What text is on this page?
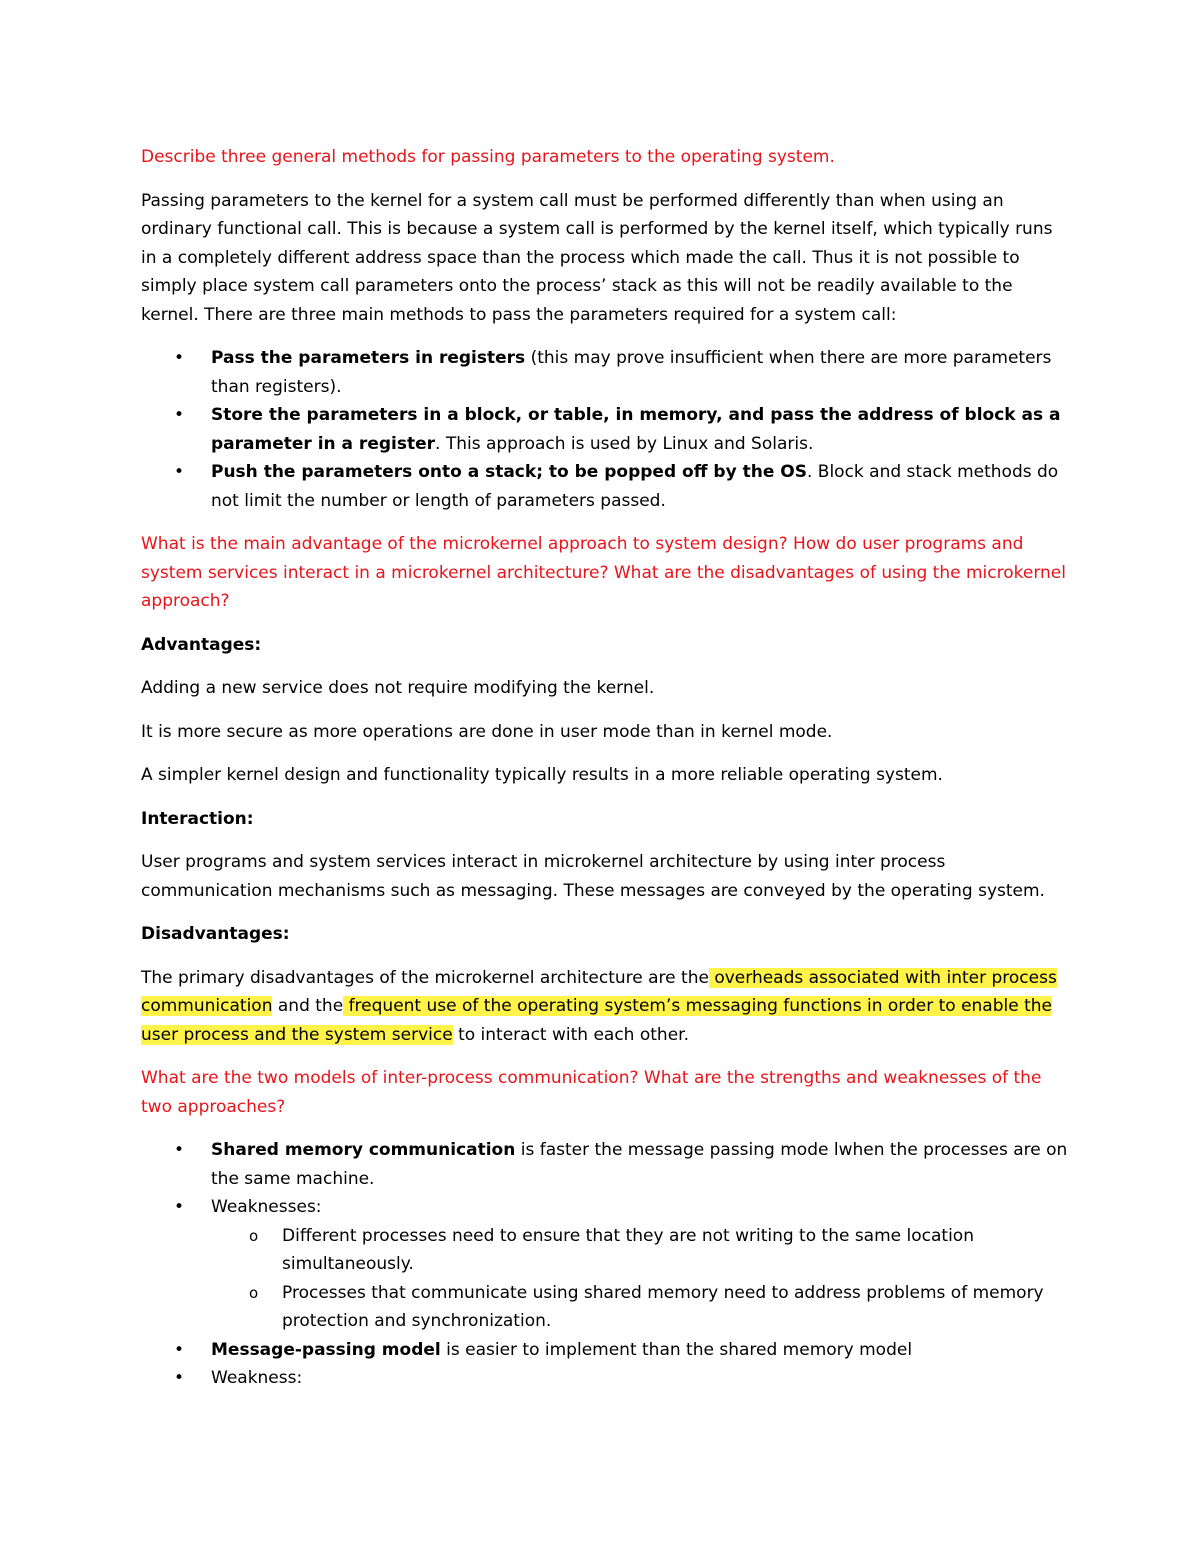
Describe three general methods for passing parameters to the operating system.

Passing parameters to the kernel for a system call must be performed differently than when using an ordinary functional call. This is because a system call is performed by the kernel itself, which typically runs in a completely different address space than the process which made the call. Thus it is not possible to simply place system call parameters onto the process’ stack as this will not be readily available to the kernel. There are three main methods to pass the parameters required for a system call:

• Pass the parameters in registers (this may prove insufficient when there are more parameters than registers).
• Store the parameters in a block, or table, in memory, and pass the address of block as a parameter in a register. This approach is used by Linux and Solaris.
• Push the parameters onto a stack; to be popped off by the OS. Block and stack methods do not limit the number or length of parameters passed.

What is the main advantage of the microkernel approach to system design? How do user programs and system services interact in a microkernel architecture? What are the disadvantages of using the microkernel approach?

Advantages:

Adding a new service does not require modifying the kernel.

It is more secure as more operations are done in user mode than in kernel mode.

A simpler kernel design and functionality typically results in a more reliable operating system.

Interaction:

User programs and system services interact in microkernel architecture by using inter process communication mechanisms such as messaging. These messages are conveyed by the operating system.

Disadvantages:

The primary disadvantages of the microkernel architecture are the overheads associated with inter process communication and the frequent use of the operating system’s messaging functions in order to enable the user process and the system service to interact with each other.

What are the two models of inter-process communication? What are the strengths and weaknesses of the two approaches?

• Shared memory communication is faster the message passing mode lwhen the processes are on the same machine.
• Weaknesses:
o Different processes need to ensure that they are not writing to the same location simultaneously.
o Processes that communicate using shared memory need to address problems of memory protection and synchronization.
• Message-passing model is easier to implement than the shared memory model
• Weakness:
